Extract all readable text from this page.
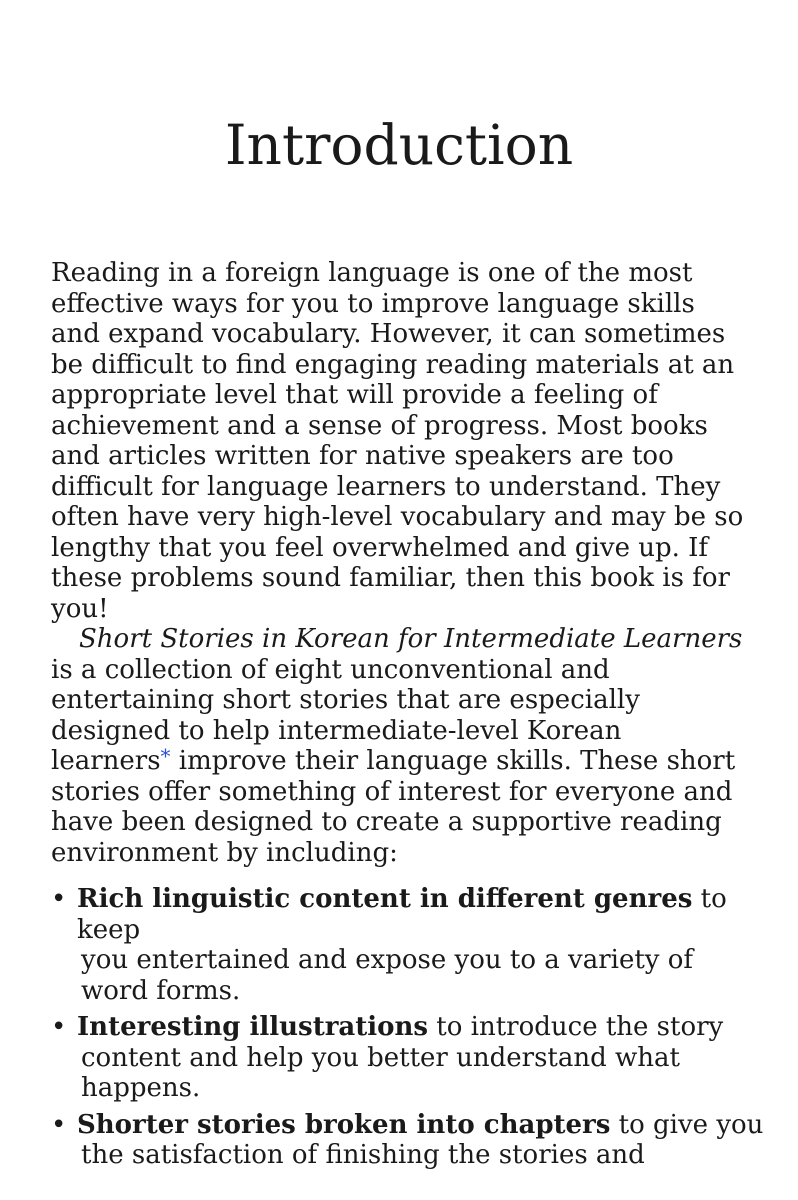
Introduction

Reading in a foreign language is one of the most
effective ways for you to improve language skills
and expand vocabulary. However, it can sometimes
be difficult to find engaging reading materials at an
appropriate level that will provide a feeling of
achievement and a sense of progress. Most books
and articles written for native speakers are too
difficult for language learners to understand. They
often have very high-level vocabulary and may be so
lengthy that you feel overwhelmed and give up. If
these problems sound familiar, then this book is for
you!

Short Stories in Korean for Intermediate Learners
is a collection of eight unconventional and
entertaining short stories that are especially
designed to help intermediate-level Korean
learners* improve their language skills. These short
stories offer something of interest for everyone and
have been designed to create a supportive reading
environment by including:

• Rich linguistic content in different genres to keep
you entertained and expose you to a variety of
word forms.
• Interesting illustrations to introduce the story
content and help you better understand what
happens.
• Shorter stories broken into chapters to give you
the satisfaction of finishing the stories and
